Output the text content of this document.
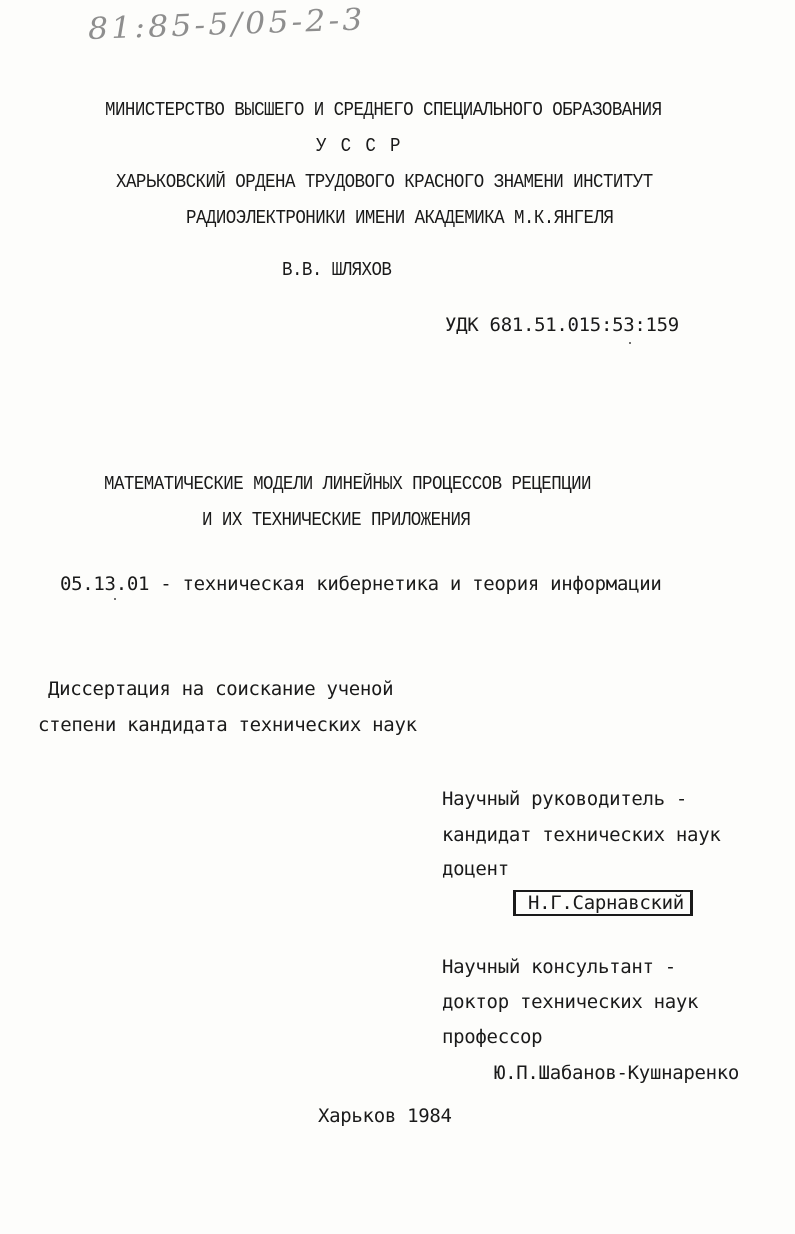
81:85-5/05-2-3
МИНИСТЕРСТВО ВЫСШЕГО И СРЕДНЕГО СПЕЦИАЛЬНОГО ОБРАЗОВАНИЯ
У С С Р
ХАРЬКОВСКИЙ ОРДЕНА ТРУДОВОГО КРАСНОГО ЗНАМЕНИ ИНСТИТУТ
РАДИОЭЛЕКТРОНИКИ ИМЕНИ АКАДЕМИКА М.К.ЯНГЕЛЯ
В.В. ШЛЯХОВ
УДК 681.51.015:53:159
МАТЕМАТИЧЕСКИЕ МОДЕЛИ ЛИНЕЙНЫХ ПРОЦЕССОВ РЕЦЕПЦИИ
И ИХ ТЕХНИЧЕСКИЕ ПРИЛОЖЕНИЯ
05.13.01 - техническая кибернетика и теория информации
Диссертация на соискание ученой
степени кандидата технических наук
Научный руководитель -
кандидат технических наук
доцент
Н.Г.Сарнавский
Научный консультант -
доктор технических наук
профессор
Ю.П.Шабанов-Кушнаренко
Харьков 1984
